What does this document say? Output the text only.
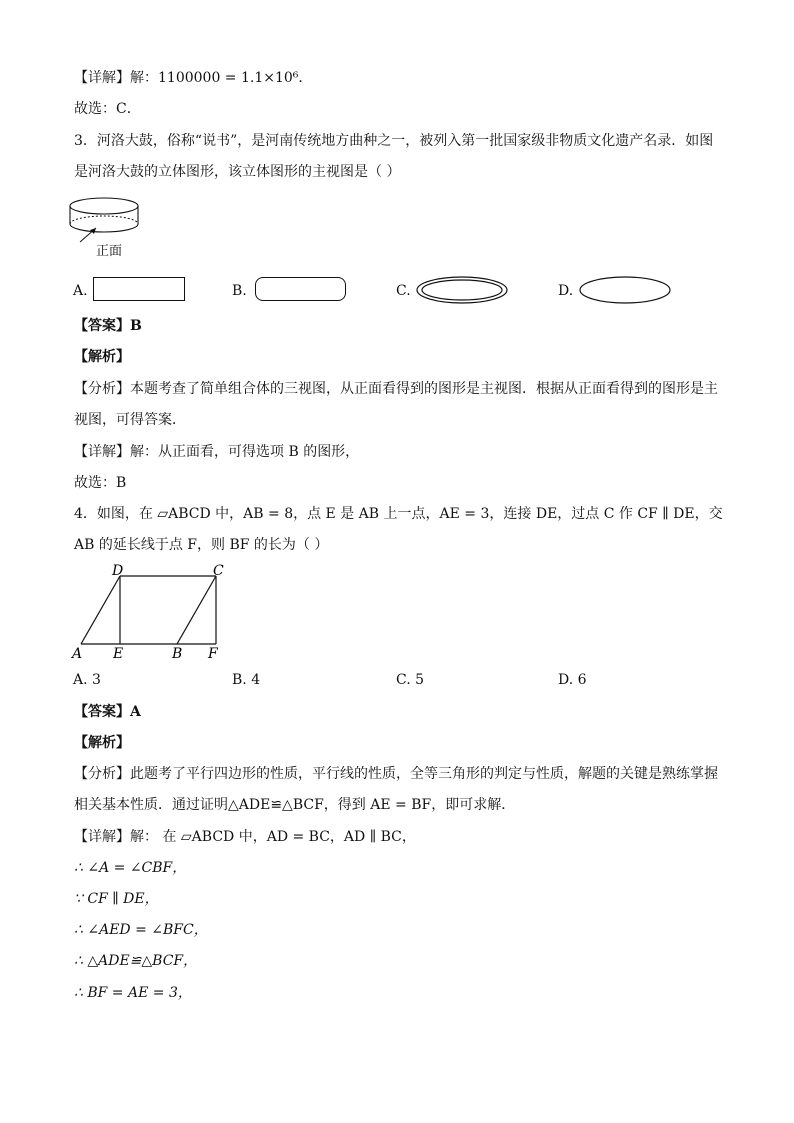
【详解】解：1100000 = 1.1×10⁶．
故选：C．
3．河洛大鼓，俗称“说书”，是河南传统地方曲种之一，被列入第一批国家级非物质文化遗产名录．如图
是河洛大鼓的立体图形，该立体图形的主视图是（ ）
正面
A.	B.	C.	D.
【答案】B
【解析】
【分析】本题考查了简单组合体的三视图，从正面看得到的图形是主视图．根据从正面看得到的图形是主
视图，可得答案．
【详解】解：从正面看，可得选项 B 的图形，
故选：B
4．如图，在 ▱ABCD 中，AB = 8，点 E 是 AB 上一点，AE = 3，连接 DE，过点 C 作 CF ∥ DE，交
AB 的延长线于点 F，则 BF 的长为（ ）
D	C
A E	B F
A. 3	B. 4	C. 5	D. 6
【答案】A
【解析】
【分析】此题考了平行四边形的性质，平行线的性质，全等三角形的判定与性质，解题的关键是熟练掌握
相关基本性质．通过证明△ADE≌△BCF，得到 AE = BF，即可求解．
【详解】解： 在 ▱ABCD 中，AD = BC，AD ∥ BC，
∴ ∠A = ∠CBF，
∵ CF ∥ DE，
∴ ∠AED = ∠BFC，
∴ △ADE≌△BCF，
∴ BF = AE = 3，
